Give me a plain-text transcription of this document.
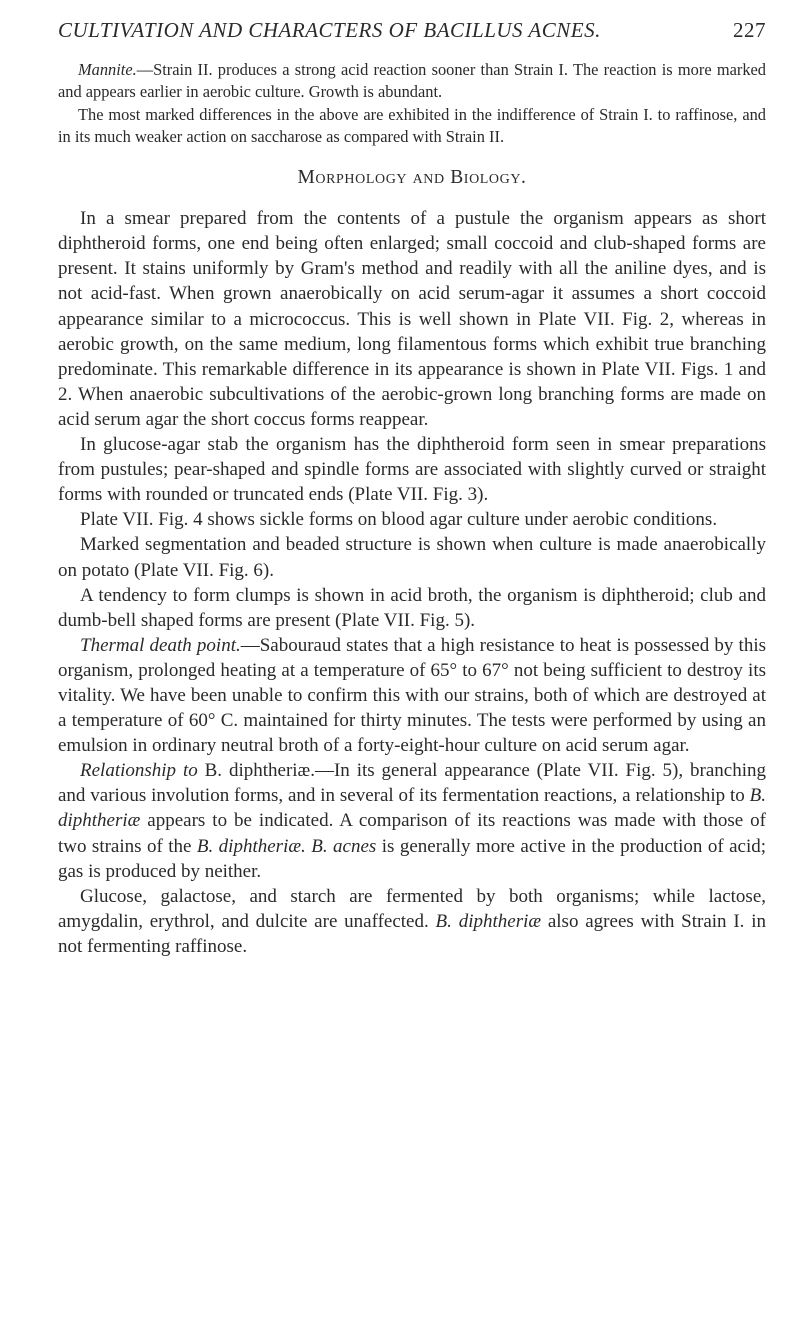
CULTIVATION AND CHARACTERS OF BACILLUS ACNES.	227

Mannite.—Strain II. produces a strong acid reaction sooner than Strain I. The reaction is more marked and appears earlier in aerobic culture. Growth is abundant.

The most marked differences in the above are exhibited in the indifference of Strain I. to raffinose, and in its much weaker action on saccharose as compared with Strain II.

Morphology and Biology.

In a smear prepared from the contents of a pustule the organism appears as short diphtheroid forms, one end being often enlarged; small coccoid and club-shaped forms are present. It stains uniformly by Gram's method and readily with all the aniline dyes, and is not acid-fast. When grown anaerobically on acid serum-agar it assumes a short coccoid appearance similar to a micrococcus. This is well shown in Plate VII. Fig. 2, whereas in aerobic growth, on the same medium, long filamentous forms which exhibit true branching predominate. This remarkable difference in its appearance is shown in Plate VII. Figs. 1 and 2. When anaerobic subcultivations of the aerobic-grown long branching forms are made on acid serum agar the short coccus forms reappear.

In glucose-agar stab the organism has the diphtheroid form seen in smear preparations from pustules; pear-shaped and spindle forms are associated with slightly curved or straight forms with rounded or truncated ends (Plate VII. Fig. 3).

Plate VII. Fig. 4 shows sickle forms on blood agar culture under aerobic conditions.

Marked segmentation and beaded structure is shown when culture is made anaerobically on potato (Plate VII. Fig. 6).

A tendency to form clumps is shown in acid broth, the organism is diphtheroid; club and dumb-bell shaped forms are present (Plate VII. Fig. 5).

Thermal death point.—Sabouraud states that a high resistance to heat is possessed by this organism, prolonged heating at a temperature of 65° to 67° not being sufficient to destroy its vitality. We have been unable to confirm this with our strains, both of which are destroyed at a temperature of 60° C. maintained for thirty minutes. The tests were performed by using an emulsion in ordinary neutral broth of a forty-eight-hour culture on acid serum agar.

Relationship to B. diphtheriæ.—In its general appearance (Plate VII. Fig. 5), branching and various involution forms, and in several of its fermentation reactions, a relationship to B. diphtheriæ appears to be indicated. A comparison of its reactions was made with those of two strains of the B. diphtheriæ. B. acnes is generally more active in the production of acid; gas is produced by neither.

Glucose, galactose, and starch are fermented by both organisms; while lactose, amygdalin, erythrol, and dulcite are unaffected. B. diphtheriæ also agrees with Strain I. in not fermenting raffinose.
